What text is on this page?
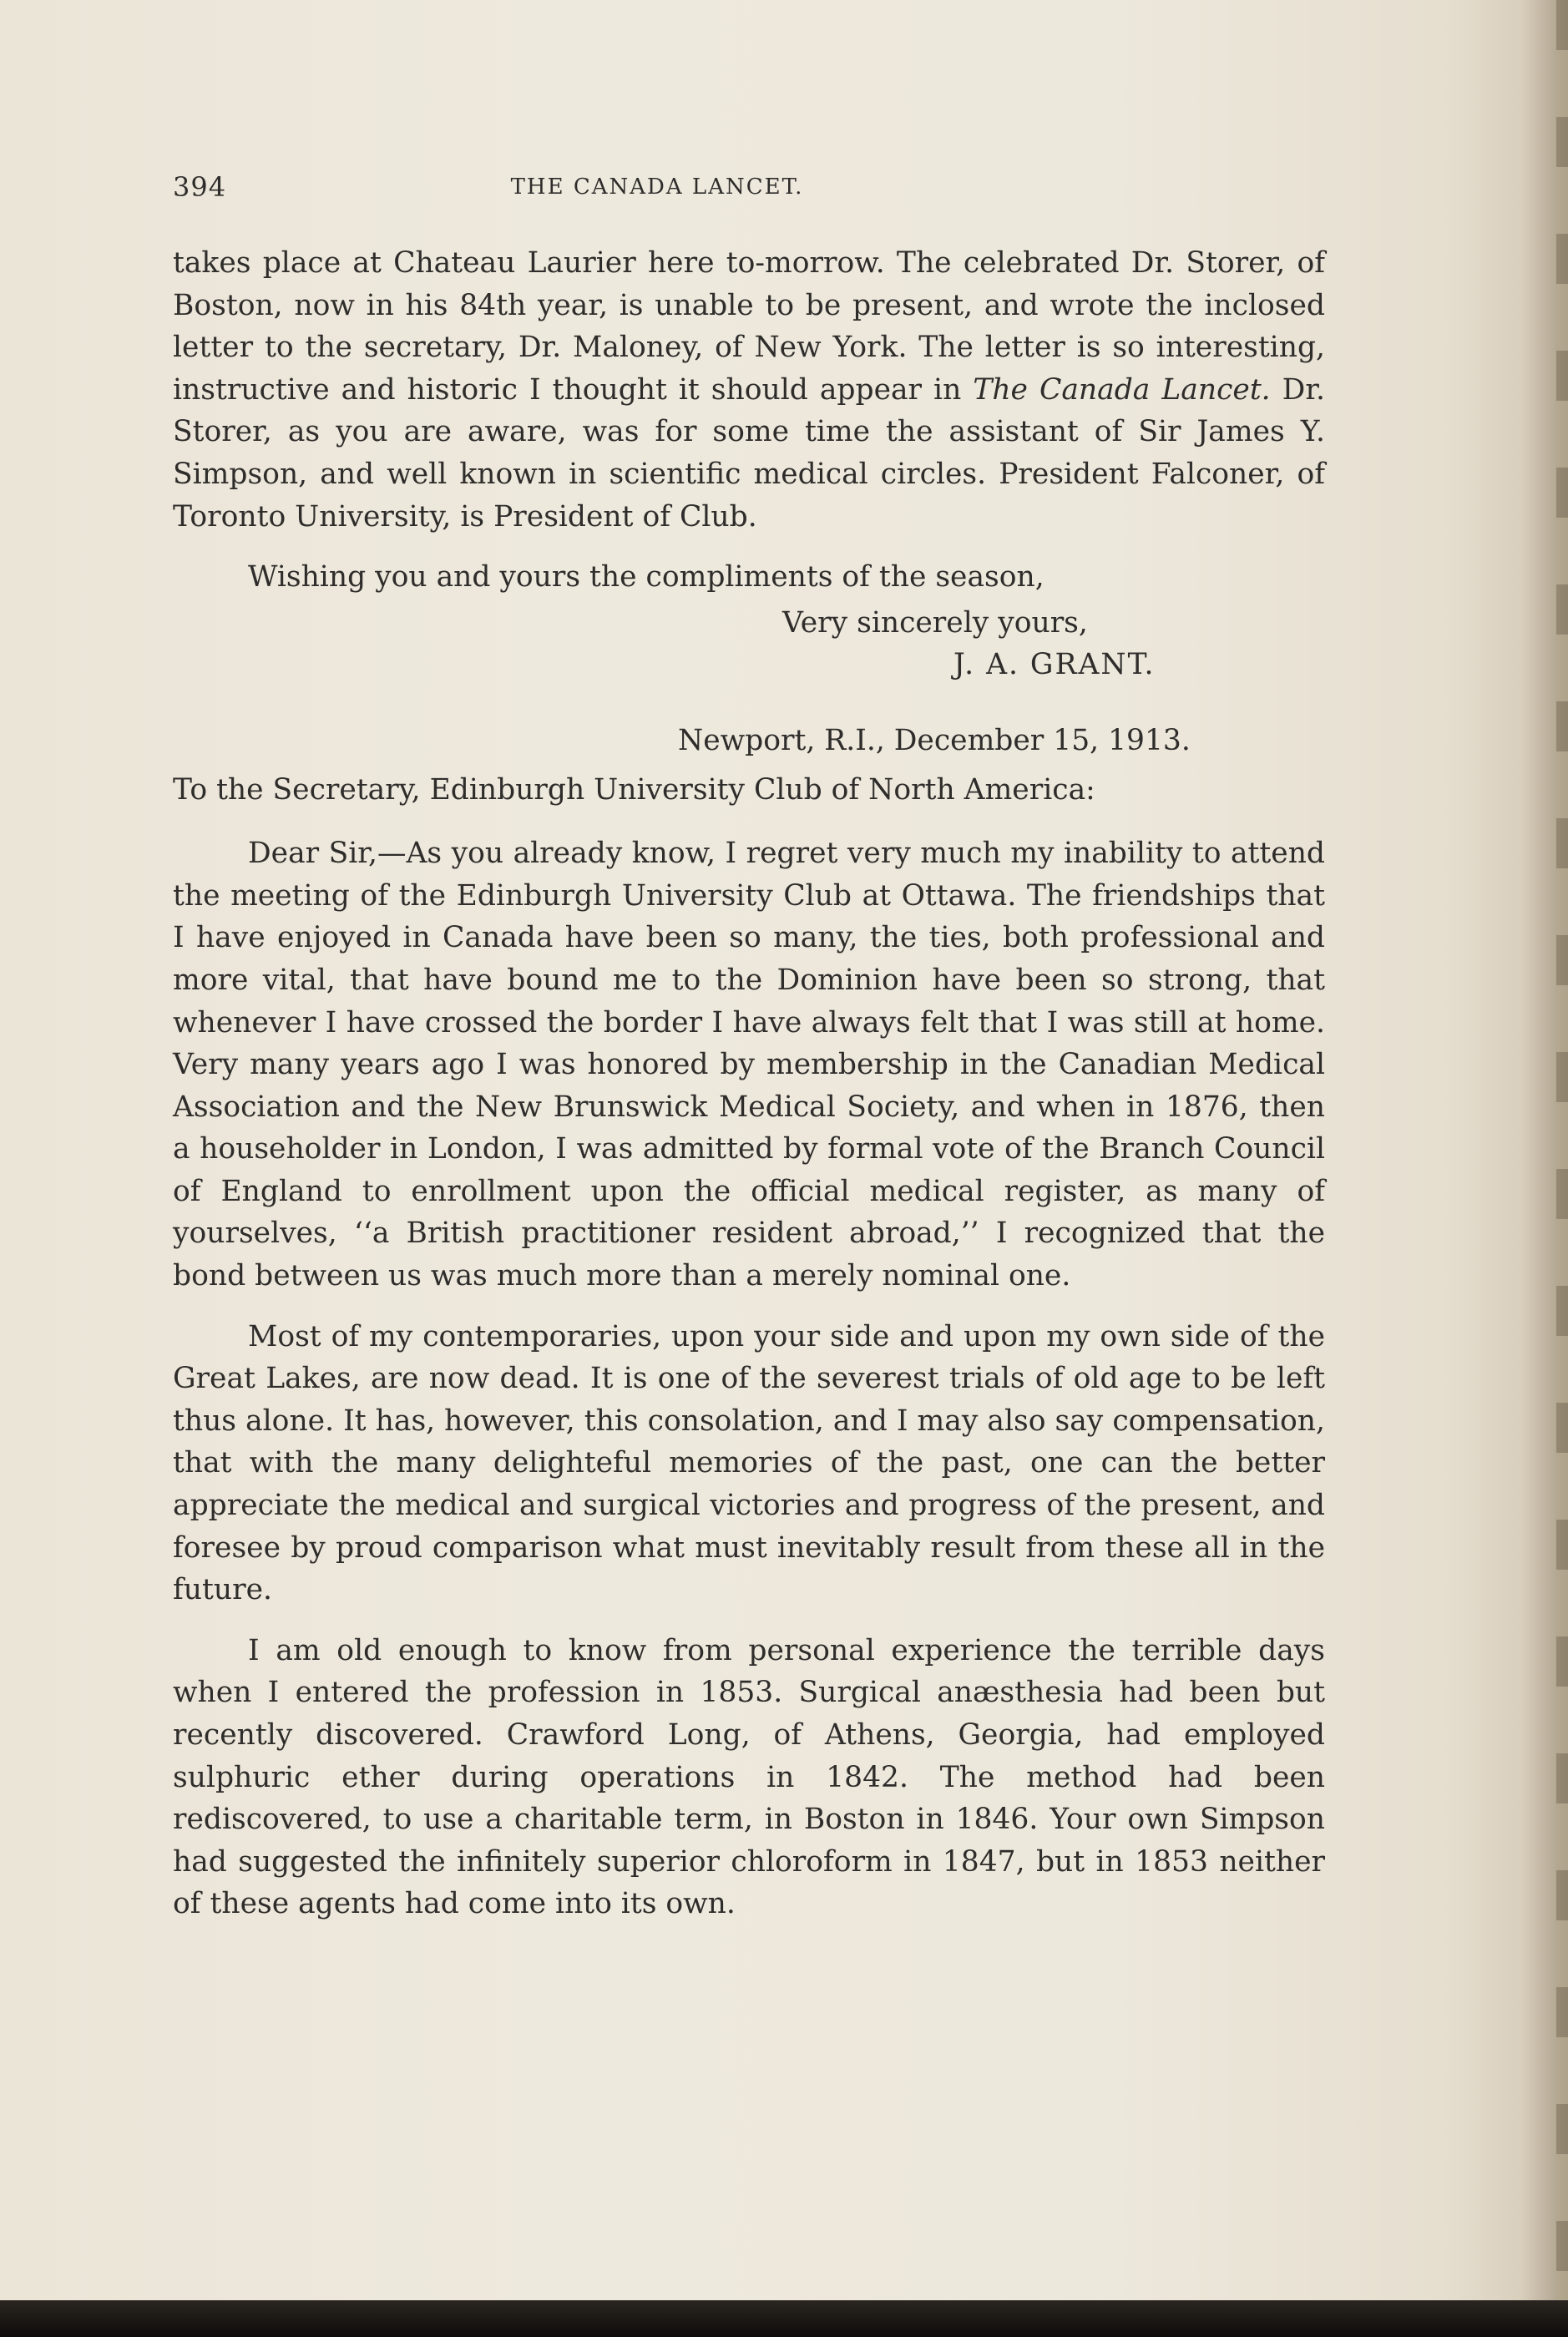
394	THE CANADA LANCET.

takes place at Chateau Laurier here to-morrow. The celebrated Dr. Storer, of Boston, now in his 84th year, is unable to be present, and wrote the inclosed letter to the secretary, Dr. Maloney, of New York. The letter is so interesting, instructive and historic I thought it should appear in The Canada Lancet. Dr. Storer, as you are aware, was for some time the assistant of Sir James Y. Simpson, and well known in scientific medical circles. President Falconer, of Toronto University, is President of Club.

Wishing you and yours the compliments of the season,

Very sincerely yours,

J. A. GRANT.

Newport, R.I., December 15, 1913.

To the Secretary, Edinburgh University Club of North America:

Dear Sir,—As you already know, I regret very much my inability to attend the meeting of the Edinburgh University Club at Ottawa. The friendships that I have enjoyed in Canada have been so many, the ties, both professional and more vital, that have bound me to the Dominion have been so strong, that whenever I have crossed the border I have always felt that I was still at home. Very many years ago I was honored by membership in the Canadian Medical Association and the New Brunswick Medical Society, and when in 1876, then a householder in London, I was admitted by formal vote of the Branch Council of England to enrollment upon the official medical register, as many of yourselves, ‘‘a British practitioner resident abroad,’’ I recognized that the bond between us was much more than a merely nominal one.

Most of my contemporaries, upon your side and upon my own side of the Great Lakes, are now dead. It is one of the severest trials of old age to be left thus alone. It has, however, this consolation, and I may also say compensation, that with the many delighteful memories of the past, one can the better appreciate the medical and surgical victories and progress of the present, and foresee by proud comparison what must inevitably result from these all in the future.

I am old enough to know from personal experience the terrible days when I entered the profession in 1853. Surgical anæsthesia had been but recently discovered. Crawford Long, of Athens, Georgia, had employed sulphuric ether during operations in 1842. The method had been rediscovered, to use a charitable term, in Boston in 1846. Your own Simpson had suggested the infinitely superior chloroform in 1847, but in 1853 neither of these agents had come into its own.
